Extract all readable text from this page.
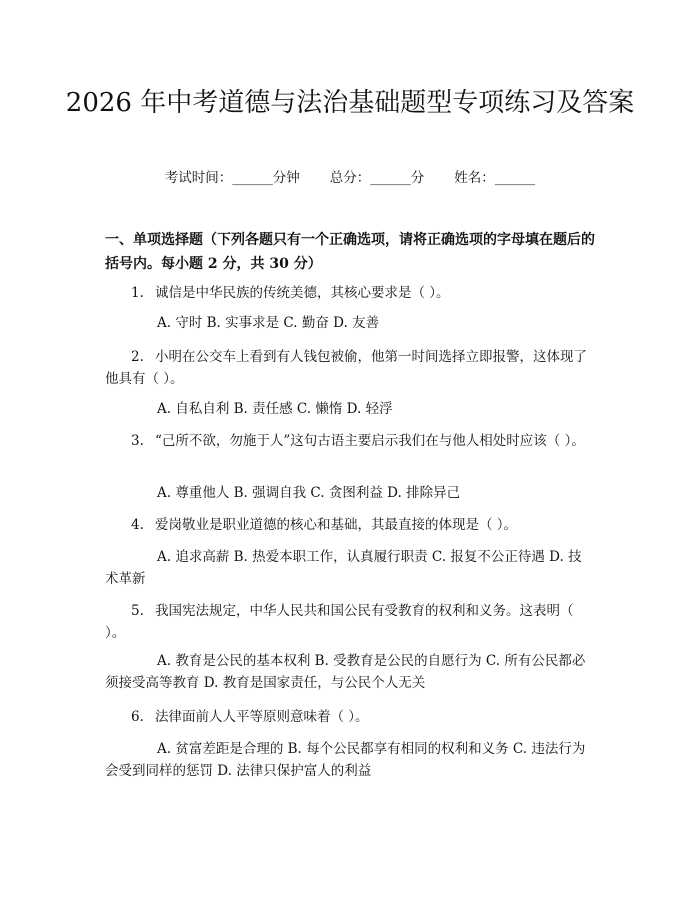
2026 年中考道德与法治基础题型专项练习及答案
考试时间：______分钟 总分：______分 姓名：______
一、单项选择题（下列各题只有一个正确选项，请将正确选项的字母填在题后的括号内。每小题 2 分，共 30 分）

1. 诚信是中华民族的传统美德，其核心要求是（ ）。

A. 守时 B. 实事求是 C. 勤奋 D. 友善

2. 小明在公交车上看到有人钱包被偷，他第一时间选择立即报警，这体现了他具有（ ）。

A. 自私自利 B. 责任感 C. 懒惰 D. 轻浮

3. “己所不欲，勿施于人”这句古语主要启示我们在与他人相处时应该（ ）。

A. 尊重他人 B. 强调自我 C. 贪图利益 D. 排除异己

4. 爱岗敬业是职业道德的核心和基础，其最直接的体现是（ ）。

A. 追求高薪 B. 热爱本职工作，认真履行职责 C. 报复不公正待遇 D. 技术革新

5. 我国宪法规定，中华人民共和国公民有受教育的权利和义务。这表明（ ）。

A. 教育是公民的基本权利 B. 受教育是公民的自愿行为 C. 所有公民都必须接受高等教育 D. 教育是国家责任，与公民个人无关

6. 法律面前人人平等原则意味着（ ）。

A. 贫富差距是合理的 B. 每个公民都享有相同的权利和义务 C. 违法行为会受到同样的惩罚 D. 法律只保护富人的利益
